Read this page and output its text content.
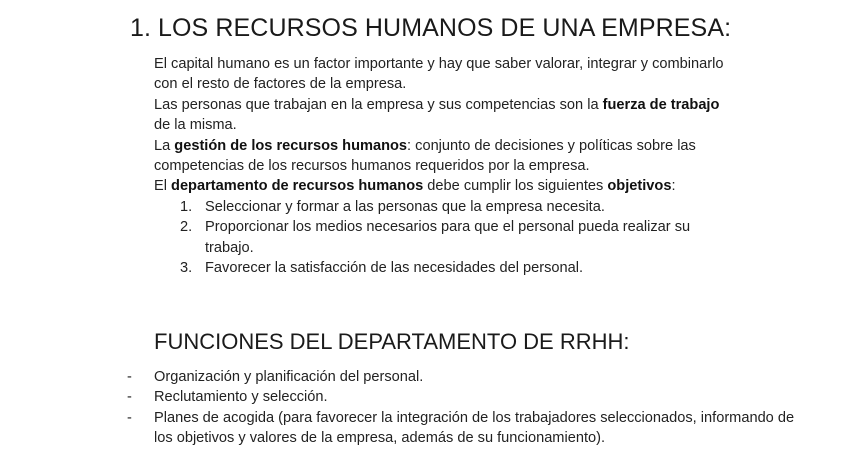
1. LOS RECURSOS HUMANOS DE UNA EMPRESA:

El capital humano es un factor importante y hay que saber valorar, integrar y combinarlo con el resto de factores de la empresa.

Las personas que trabajan en la empresa y sus competencias son la fuerza de trabajo de la misma.

La gestión de los recursos humanos: conjunto de decisiones y políticas sobre las competencias de los recursos humanos requeridos por la empresa.

El departamento de recursos humanos debe cumplir los siguientes objetivos:

1. Seleccionar y formar a las personas que la empresa necesita.
2. Proporcionar los medios necesarios para que el personal pueda realizar su trabajo.
3. Favorecer la satisfacción de las necesidades del personal.
FUNCIONES DEL DEPARTAMENTO DE RRHH:
- Organización y planificación del personal.
- Reclutamiento y selección.
- Planes de acogida (para favorecer la integración de los trabajadores seleccionados, informando de los objetivos y valores de la empresa, además de su funcionamiento).
